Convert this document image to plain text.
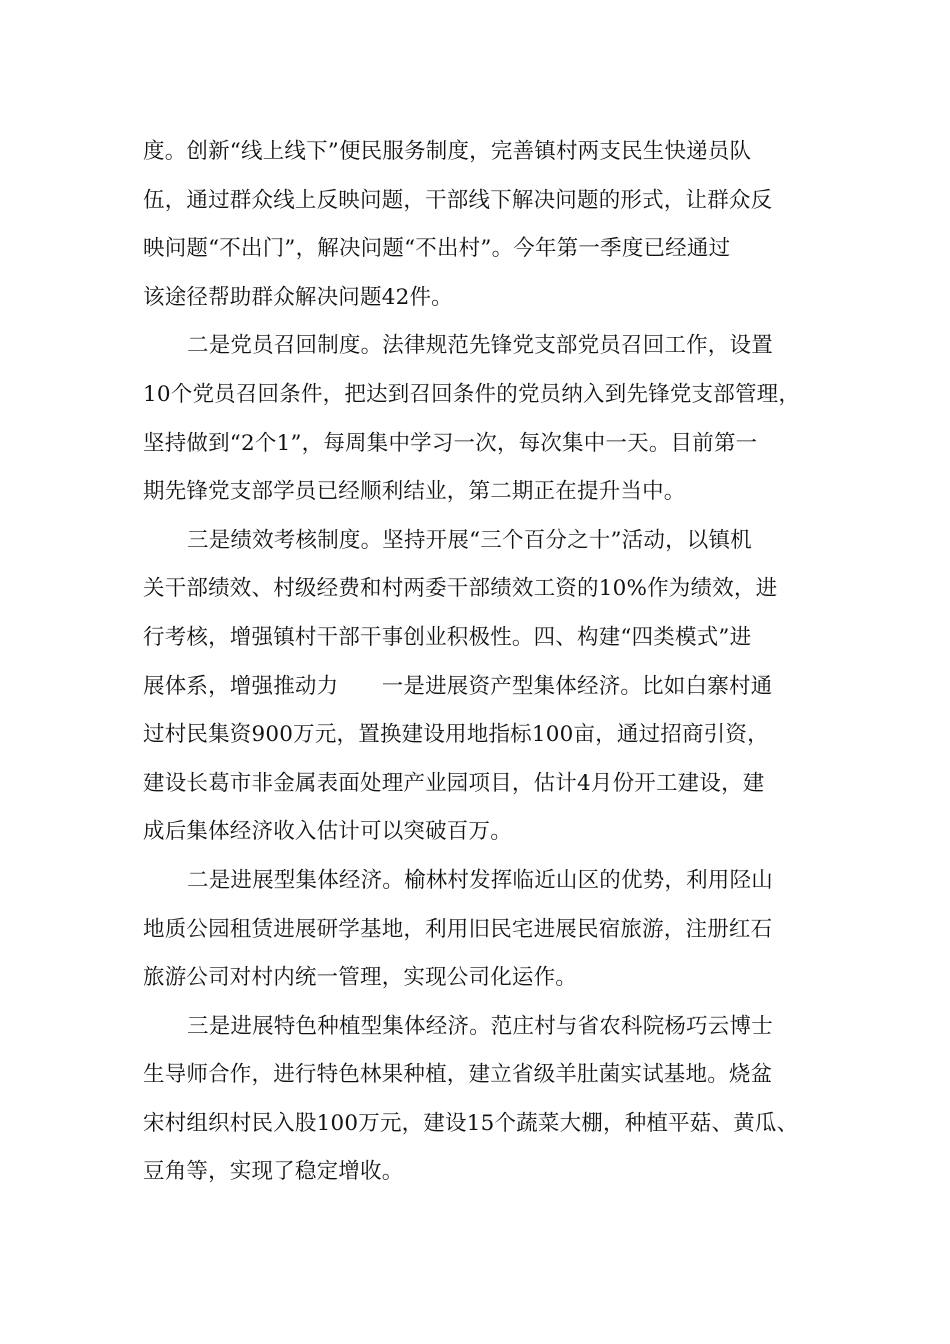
度。创新“线上线下”便民服务制度，完善镇村两支民生快递员队
伍，通过群众线上反映问题，干部线下解决问题的形式，让群众反
映问题“不出门”，解决问题“不出村”。今年第一季度已经通过
该途径帮助群众解决问题42件。
二是党员召回制度。法律规范先锋党支部党员召回工作，设置
10个党员召回条件，把达到召回条件的党员纳入到先锋党支部管理，
坚持做到“2个1”，每周集中学习一次，每次集中一天。目前第一
期先锋党支部学员已经顺利结业，第二期正在提升当中。
三是绩效考核制度。坚持开展“三个百分之十”活动，以镇机
关干部绩效、村级经费和村两委干部绩效工资的10%作为绩效，进
行考核，增强镇村干部干事创业积极性。四、构建“四类模式”进
展体系，增强推动力　　一是进展资产型集体经济。比如白寨村通
过村民集资900万元，置换建设用地指标100亩，通过招商引资，
建设长葛市非金属表面处理产业园项目，估计4月份开工建设，建
成后集体经济收入估计可以突破百万。
二是进展型集体经济。榆林村发挥临近山区的优势，利用陉山
地质公园租赁进展研学基地，利用旧民宅进展民宿旅游，注册红石
旅游公司对村内统一管理，实现公司化运作。
三是进展特色种植型集体经济。范庄村与省农科院杨巧云博士
生导师合作，进行特色林果种植，建立省级羊肚菌实试基地。烧盆
宋村组织村民入股100万元，建设15个蔬菜大棚，种植平菇、黄瓜、
豆角等，实现了稳定增收。
